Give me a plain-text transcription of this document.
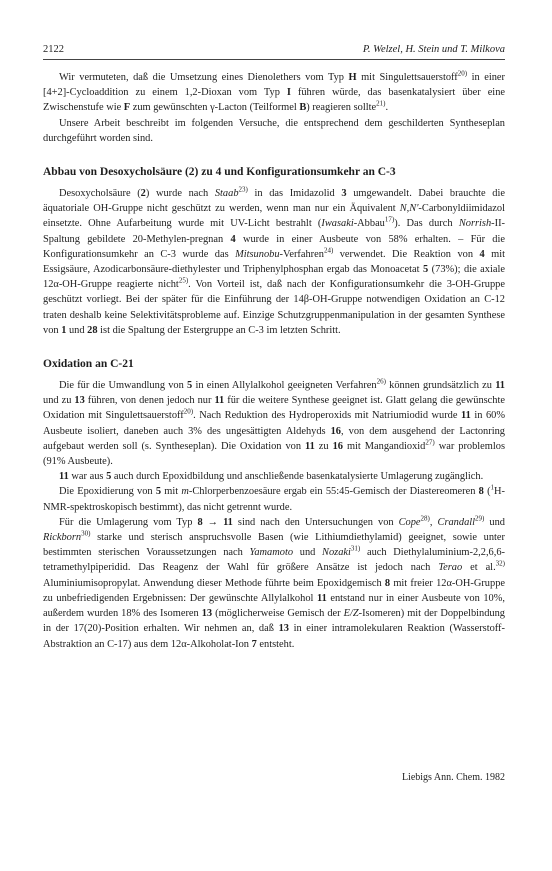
2122	P. Welzel, H. Stein und T. Milkova

Wir vermuteten, daß die Umsetzung eines Dienolethers vom Typ H mit Singulettsauerstoff$^{20)}$ in einer [4+2]-Cycloaddition zu einem 1,2-Dioxan vom Typ I führen würde, das basenkatalysiert über eine Zwischenstufe wie F zum gewünschten γ-Lacton (Teilformel B) reagieren sollte$^{21)}$.

Unsere Arbeit beschreibt im folgenden Versuche, die entsprechend dem geschilderten Syntheseplan durchgeführt worden sind.

Abbau von Desoxycholsäure (2) zu 4 und Konfigurationsumkehr an C-3

Desoxycholsäure (2) wurde nach Staab$^{23)}$ in das Imidazolid 3 umgewandelt. Dabei brauchte die äquatoriale OH-Gruppe nicht geschützt zu werden, wenn man nur ein Äquivalent N,N'-Carbonyldiimidazol einsetzte. Ohne Aufarbeitung wurde mit UV-Licht bestrahlt (Iwasaki-Abbau$^{17)}$). Das durch Norrish-II-Spaltung gebildete 20-Methylen-pregnan 4 wurde in einer Ausbeute von 58% erhalten. – Für die Konfigurationsumkehr an C-3 wurde das Mitsunobu-Verfahren$^{24)}$ verwendet. Die Reaktion von 4 mit Essigsäure, Azodicarbonsäure-diethylester und Triphenylphosphan ergab das Monoacetat 5 (73%); die axiale 12α-OH-Gruppe reagierte nicht$^{25)}$. Von Vorteil ist, daß nach der Konfigurationsumkehr die 3-OH-Gruppe geschützt vorliegt. Bei der später für die Einführung der 14β-OH-Gruppe notwendigen Oxidation an C-12 traten deshalb keine Selektivitätsprobleme auf. Einzige Schutzgruppenmanipulation in der gesamten Synthese von 1 und 28 ist die Spaltung der Estergruppe an C-3 im letzten Schritt.

Oxidation an C-21

Die für die Umwandlung von 5 in einen Allylalkohol geeigneten Verfahren$^{26)}$ können grundsätzlich zu 11 und zu 13 führen, von denen jedoch nur 11 für die weitere Synthese geeignet ist. Glatt gelang die gewünschte Oxidation mit Singulettsauerstoff$^{20)}$. Nach Reduktion des Hydroperoxids mit Natriumiodid wurde 11 in 60% Ausbeute isoliert, daneben auch 3% des ungesättigten Aldehyds 16, von dem ausgehend der Lactonring aufgebaut werden soll (s. Syntheseplan). Die Oxidation von 11 zu 16 mit Mangandioxid$^{27)}$ war problemlos (91% Ausbeute).

11 war aus 5 auch durch Epoxidbildung und anschließende basenkatalysierte Umlagerung zugänglich.

Die Epoxidierung von 5 mit m-Chlorperbenzoesäure ergab ein 55:45-Gemisch der Diastereomeren 8 ($^1$H-NMR-spektroskopisch bestimmt), das nicht getrennt wurde.

Für die Umlagerung vom Typ 8 → 11 sind nach den Untersuchungen von Cope$^{28)}$, Crandall$^{29)}$ und Rickborn$^{30)}$ starke und sterisch anspruchsvolle Basen (wie Lithiumdiethylamid) geeignet, sowie unter bestimmten sterischen Voraussetzungen nach Yamamoto und Nozaki$^{31)}$ auch Diethylaluminium-2,2,6,6-tetramethylpiperidid. Das Reagenz der Wahl für größere Ansätze ist jedoch nach Terao et al.$^{32)}$ Aluminiumisopropylat. Anwendung dieser Methode führte beim Epoxidgemisch 8 mit freier 12α-OH-Gruppe zu unbefriedigenden Ergebnissen: Der gewünschte Allylalkohol 11 entstand nur in einer Ausbeute von 10%, außerdem wurden 18% des Isomeren 13 (möglicherweise Gemisch der E/Z-Isomeren) mit der Doppelbindung in der 17(20)-Position erhalten. Wir nehmen an, daß 13 in einer intramolekularen Reaktion (Wasserstoff-Abstraktion an C-17) aus dem 12α-Alkoholat-Ion 7 entsteht.

Liebigs Ann. Chem. 1982
